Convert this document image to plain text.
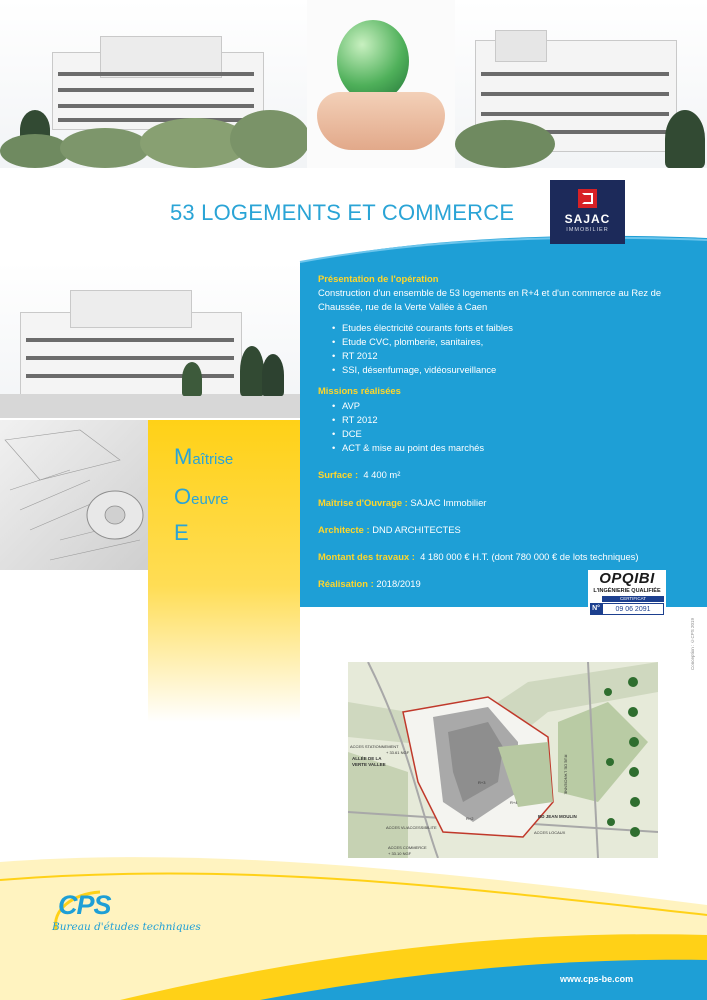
53 LOGEMENTS ET COMMERCE	SAJAC
IMMOBILIER
Maîtrise
Oeuvre
E
Présentation de l'opération
Construction d'un ensemble de 53 logements en R+4 et d'un commerce au Rez de Chaussée, rue de la Verte Vallée à Caen
• Etudes électricité courants forts et faibles
• Etude CVC, plomberie, sanitaires,
• RT 2012
• SSI, désenfumage, vidéosurveillance
Missions réalisées
• AVP
• RT 2012
• DCE
• ACT & mise au point des marchés
Surface : 4 400 m²
Maîtrise d'Ouvrage : SAJAC Immobilier
Architecte : DND ARCHITECTES
Montant des travaux : 4 180 000 € H.T. (dont 780 000 € de lots techniques)
Réalisation : 2018/2019	OPQIBI
L'INGÉNIERIE QUALIFIÉE
CERTIFICAT
N°	09 06 2091
Conception : ©CPS 2019
ACCES STATIONNEMENT
ALLÉE DE LA
VERTE VALLEE	RUE DE L'ANCIENNE
BD JEAN MOULIN
ACCES VL/ACCESSIBILITE
ACCES COMMERCE
ACCES LOCAUX
R+2
R+3
R+4
+ 33.61 NGF
+ 33.10 NGF
CPS
Bureau d'études techniques
www.cps-be.com
